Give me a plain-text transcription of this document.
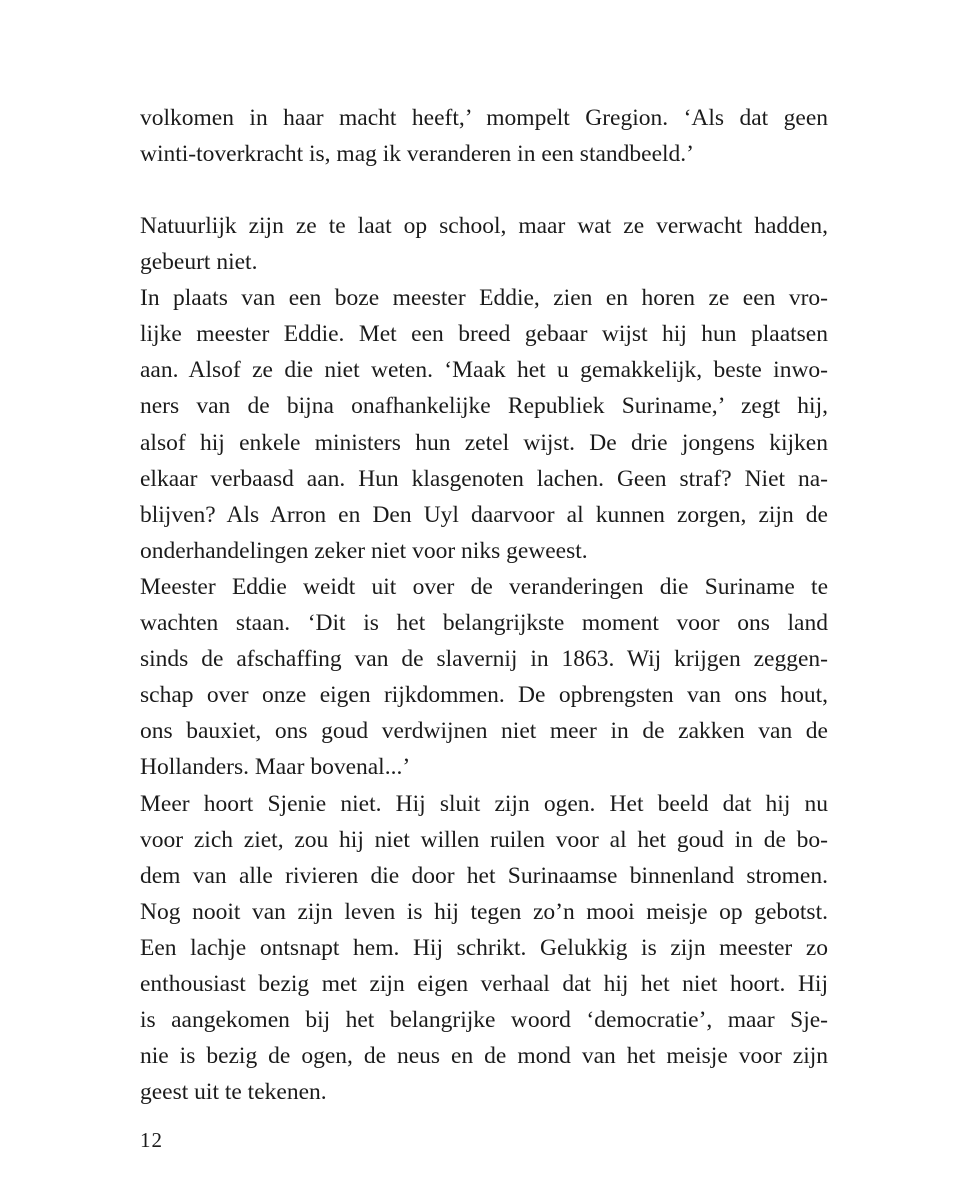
volkomen in haar macht heeft,’ mompelt Gregion. ‘Als dat geen
winti-toverkracht is, mag ik veranderen in een standbeeld.’
Natuurlijk zijn ze te laat op school, maar wat ze verwacht hadden,
gebeurt niet.
In plaats van een boze meester Eddie, zien en horen ze een vro-
lijke meester Eddie. Met een breed gebaar wijst hij hun plaatsen
aan. Alsof ze die niet weten. ‘Maak het u gemakkelijk, beste inwo-
ners van de bijna onafhankelijke Republiek Suriname,’ zegt hij,
alsof hij enkele ministers hun zetel wijst. De drie jongens kijken
elkaar verbaasd aan. Hun klasgenoten lachen. Geen straf? Niet na-
blijven? Als Arron en Den Uyl daarvoor al kunnen zorgen, zijn de
onderhandelingen zeker niet voor niks geweest.
Meester Eddie weidt uit over de veranderingen die Suriname te
wachten staan. ‘Dit is het belangrijkste moment voor ons land
sinds de afschaffing van de slavernij in 1863. Wij krijgen zeggen-
schap over onze eigen rijkdommen. De opbrengsten van ons hout,
ons bauxiet, ons goud verdwijnen niet meer in de zakken van de
Hollanders. Maar bovenal...’
Meer hoort Sjenie niet. Hij sluit zijn ogen. Het beeld dat hij nu
voor zich ziet, zou hij niet willen ruilen voor al het goud in de bo-
dem van alle rivieren die door het Surinaamse binnenland stromen.
Nog nooit van zijn leven is hij tegen zo’n mooi meisje op gebotst.
Een lachje ontsnapt hem. Hij schrikt. Gelukkig is zijn meester zo
enthousiast bezig met zijn eigen verhaal dat hij het niet hoort. Hij
is aangekomen bij het belangrijke woord ‘democratie’, maar Sje-
nie is bezig de ogen, de neus en de mond van het meisje voor zijn
geest uit te tekenen.
12
